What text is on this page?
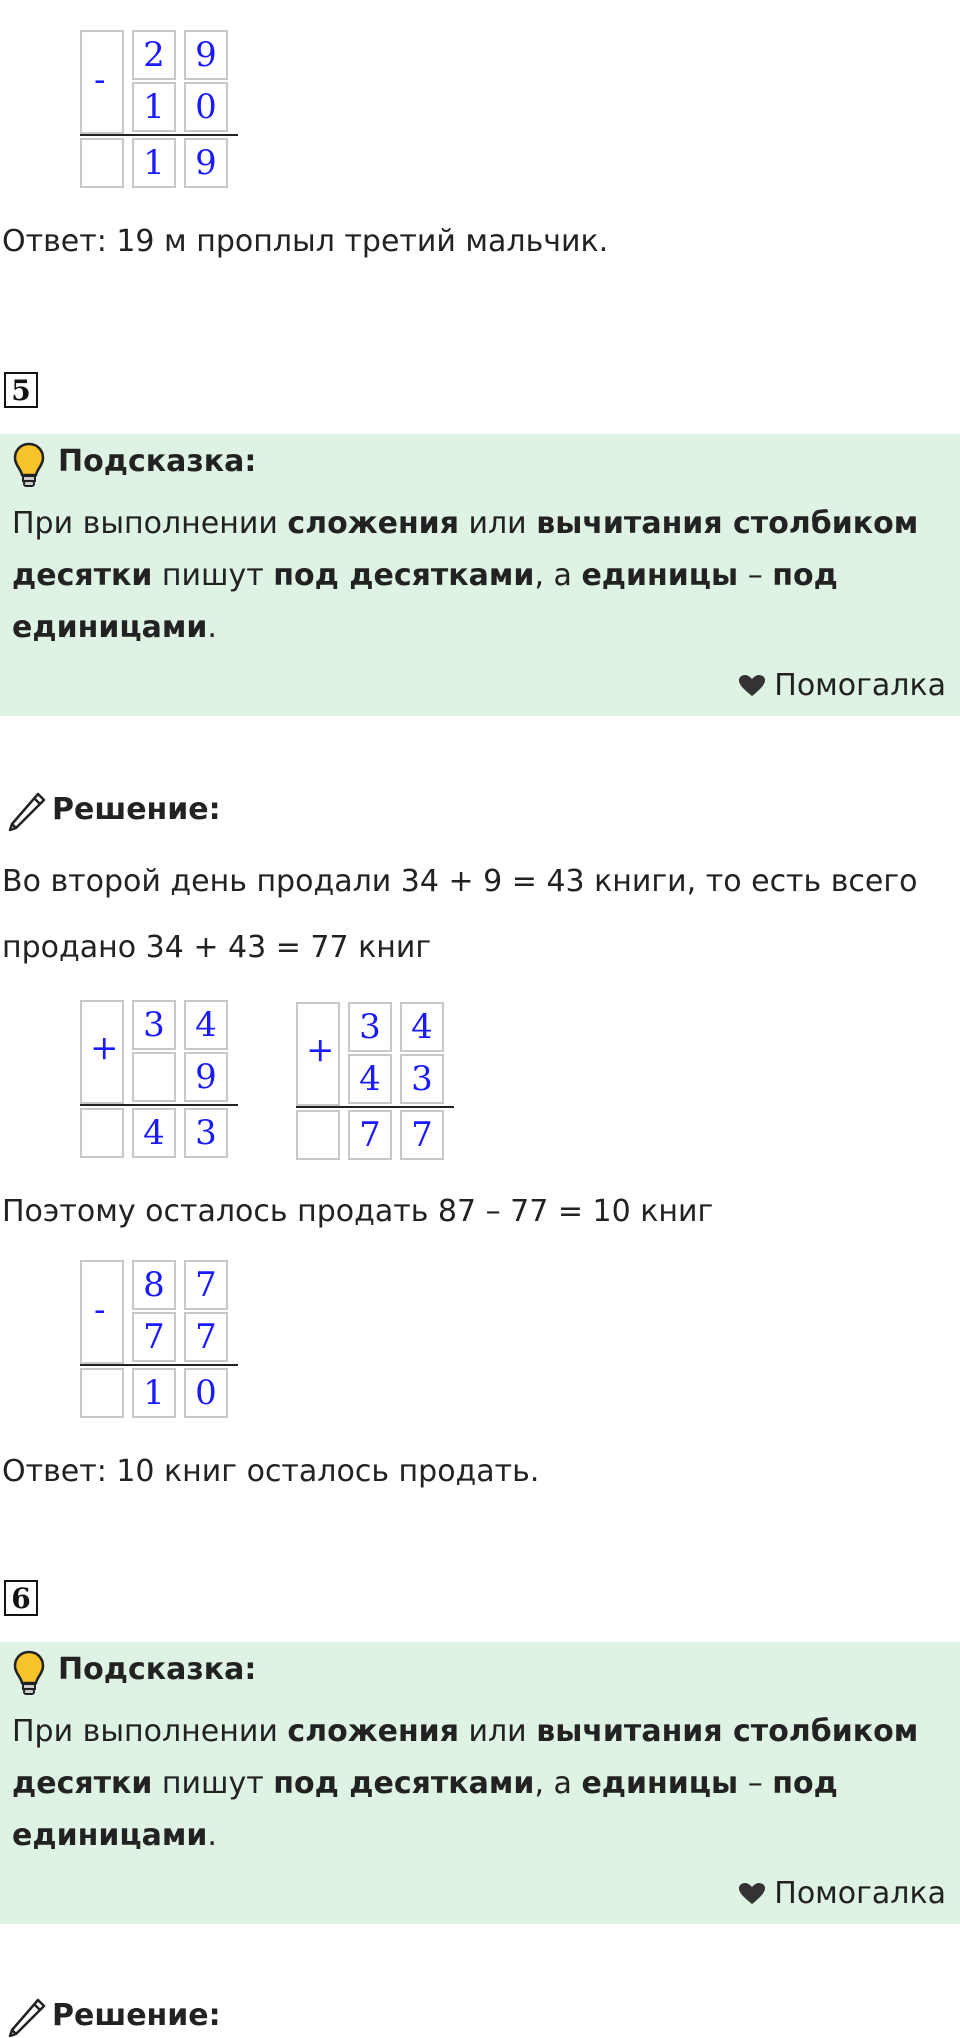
-
2 9
1 0
1 9
Ответ: 19 м проплыл третий мальчик.
5
Подсказка:
При выполнении сложения или вычитания столбиком десятки пишут под десятками, а единицы – под единицами.
Помогалка
Решение:
Во второй день продали 34 + 9 = 43 книги, то есть всего
продано 34 + 43 = 77 книг
+
3 4
9
4 3
+
3 4
4 3
7 7
Поэтому осталось продать 87 – 77 = 10 книг
-
8 7
7 7
1 0
Ответ: 10 книг осталось продать.
6
Подсказка:
При выполнении сложения или вычитания столбиком десятки пишут под десятками, а единицы – под единицами.
Помогалка
Решение:
